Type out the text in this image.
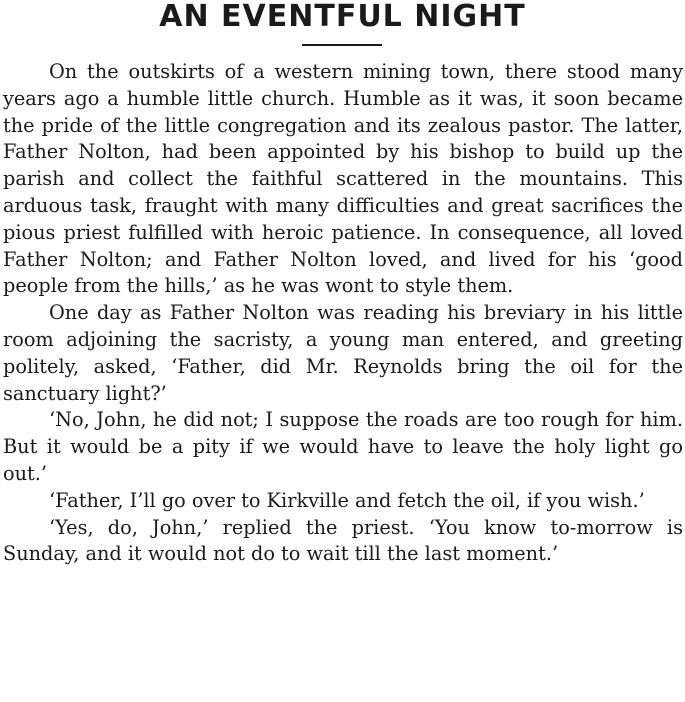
AN EVENTFUL NIGHT

On the outskirts of a western mining town, there stood many years ago a humble little church. Humble as it was, it soon became the pride of the little congregation and its zealous pastor. The latter, Father Nolton, had been appointed by his bishop to build up the parish and collect the faithful scattered in the mountains. This arduous task, fraught with many difficulties and great sacrifices the pious priest fulfilled with heroic patience. In consequence, all loved Father Nolton; and Father Nolton loved, and lived for his ‘good people from the hills,’ as he was wont to style them.

One day as Father Nolton was reading his breviary in his little room adjoining the sacristy, a young man entered, and greeting politely, asked, ‘Father, did Mr. Reynolds bring the oil for the sanctuary light?’

‘No, John, he did not; I suppose the roads are too rough for him. But it would be a pity if we would have to leave the holy light go out.’

‘Father, I’ll go over to Kirkville and fetch the oil, if you wish.’

‘Yes, do, John,’ replied the priest. ‘You know to-morrow is Sunday, and it would not do to wait till the last moment.’
